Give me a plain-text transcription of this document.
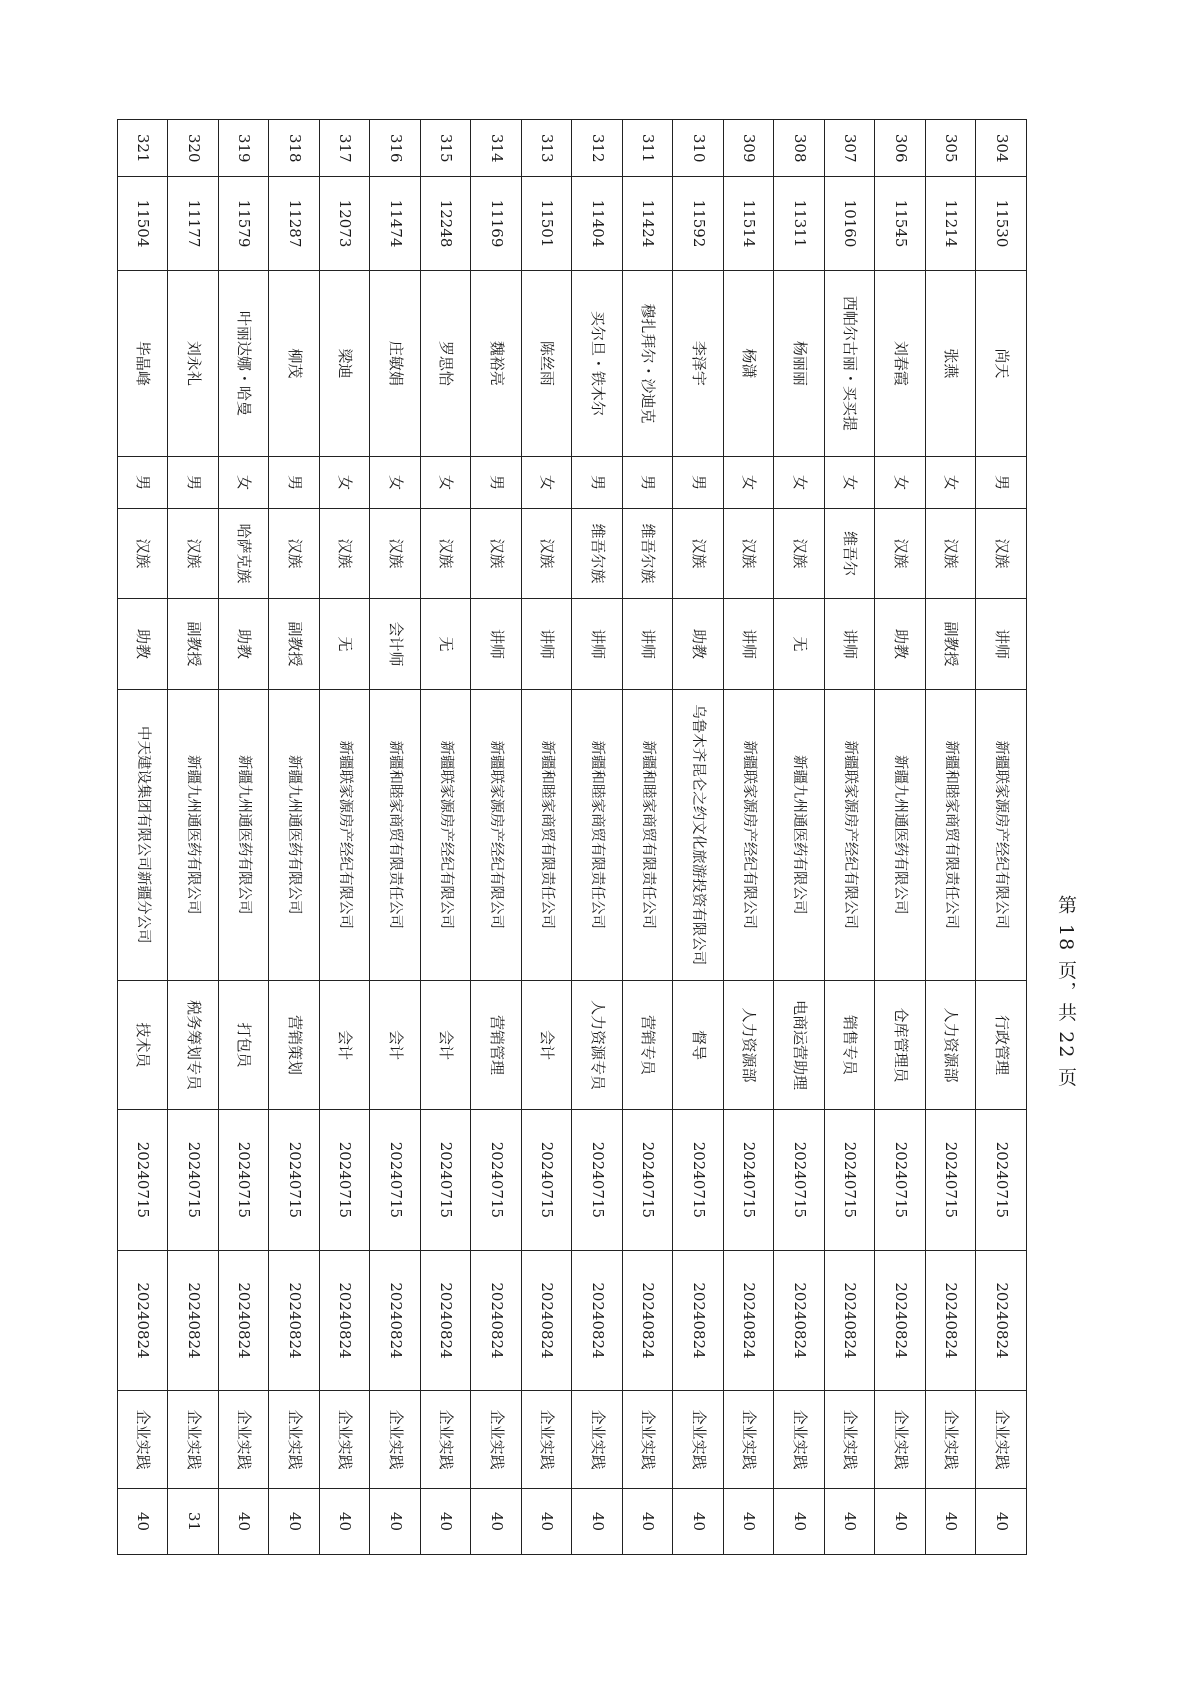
304	11530	尚天	男	汉族	讲师	新疆联家源房产经纪有限公司	行政管理	20240715	20240824	企业实践	40
305	11214	张燕	女	汉族	副教授	新疆和睦家商贸有限责任公司	人力资源部	20240715	20240824	企业实践	40
306	11545	刘春霞	女	汉族	助教	新疆九州通医药有限公司	仓库管理员	20240715	20240824	企业实践	40
307	10160	西帕尔古丽・买买提	女	维吾尔	讲师	新疆联家源房产经纪有限公司	销售专员	20240715	20240824	企业实践	40
308	11311	杨丽丽	女	汉族	无	新疆九州通医药有限公司	电商运营助理	20240715	20240824	企业实践	40
309	11514	杨潇	女	汉族	讲师	新疆联家源房产经纪有限公司	人力资源部	20240715	20240824	企业实践	40
310	11592	李泽宇	男	汉族	助教	乌鲁木齐昆仑之约文化旅游投资有限公司	督导	20240715	20240824	企业实践	40
311	11424	穆扎拜尔・沙迪克	男	维吾尔族	讲师	新疆和睦家商贸有限责任公司	营销专员	20240715	20240824	企业实践	40
312	11404	买尔旦・铁木尔	男	维吾尔族	讲师	新疆和睦家商贸有限责任公司	人力资源专员	20240715	20240824	企业实践	40
313	11501	陈丝雨	女	汉族	讲师	新疆和睦家商贸有限责任公司	会计	20240715	20240824	企业实践	40
314	11169	魏裕亮	男	汉族	讲师	新疆联家源房产经纪有限公司	营销管理	20240715	20240824	企业实践	40
315	12248	罗思怡	女	汉族	无	新疆联家源房产经纪有限公司	会计	20240715	20240824	企业实践	40
316	11474	庄敏娟	女	汉族	会计师	新疆和睦家商贸有限责任公司	会计	20240715	20240824	企业实践	40
317	12073	梁迪	女	汉族	无	新疆联家源房产经纪有限公司	会计	20240715	20240824	企业实践	40
318	11287	柳茂	男	汉族	副教授	新疆九州通医药有限公司	营销策划	20240715	20240824	企业实践	40
319	11579	叶丽达娜・哈曼	女	哈萨克族	助教	新疆九州通医药有限公司	打包员	20240715	20240824	企业实践	40
320	11177	刘永礼	男	汉族	副教授	新疆九州通医药有限公司	税务筹划专员	20240715	20240824	企业实践	31
321	11504	毕晶峰	男	汉族	助教	中天建设集团有限公司新疆分公司	技术员	20240715	20240824	企业实践	40
第 18 页，共 22 页
